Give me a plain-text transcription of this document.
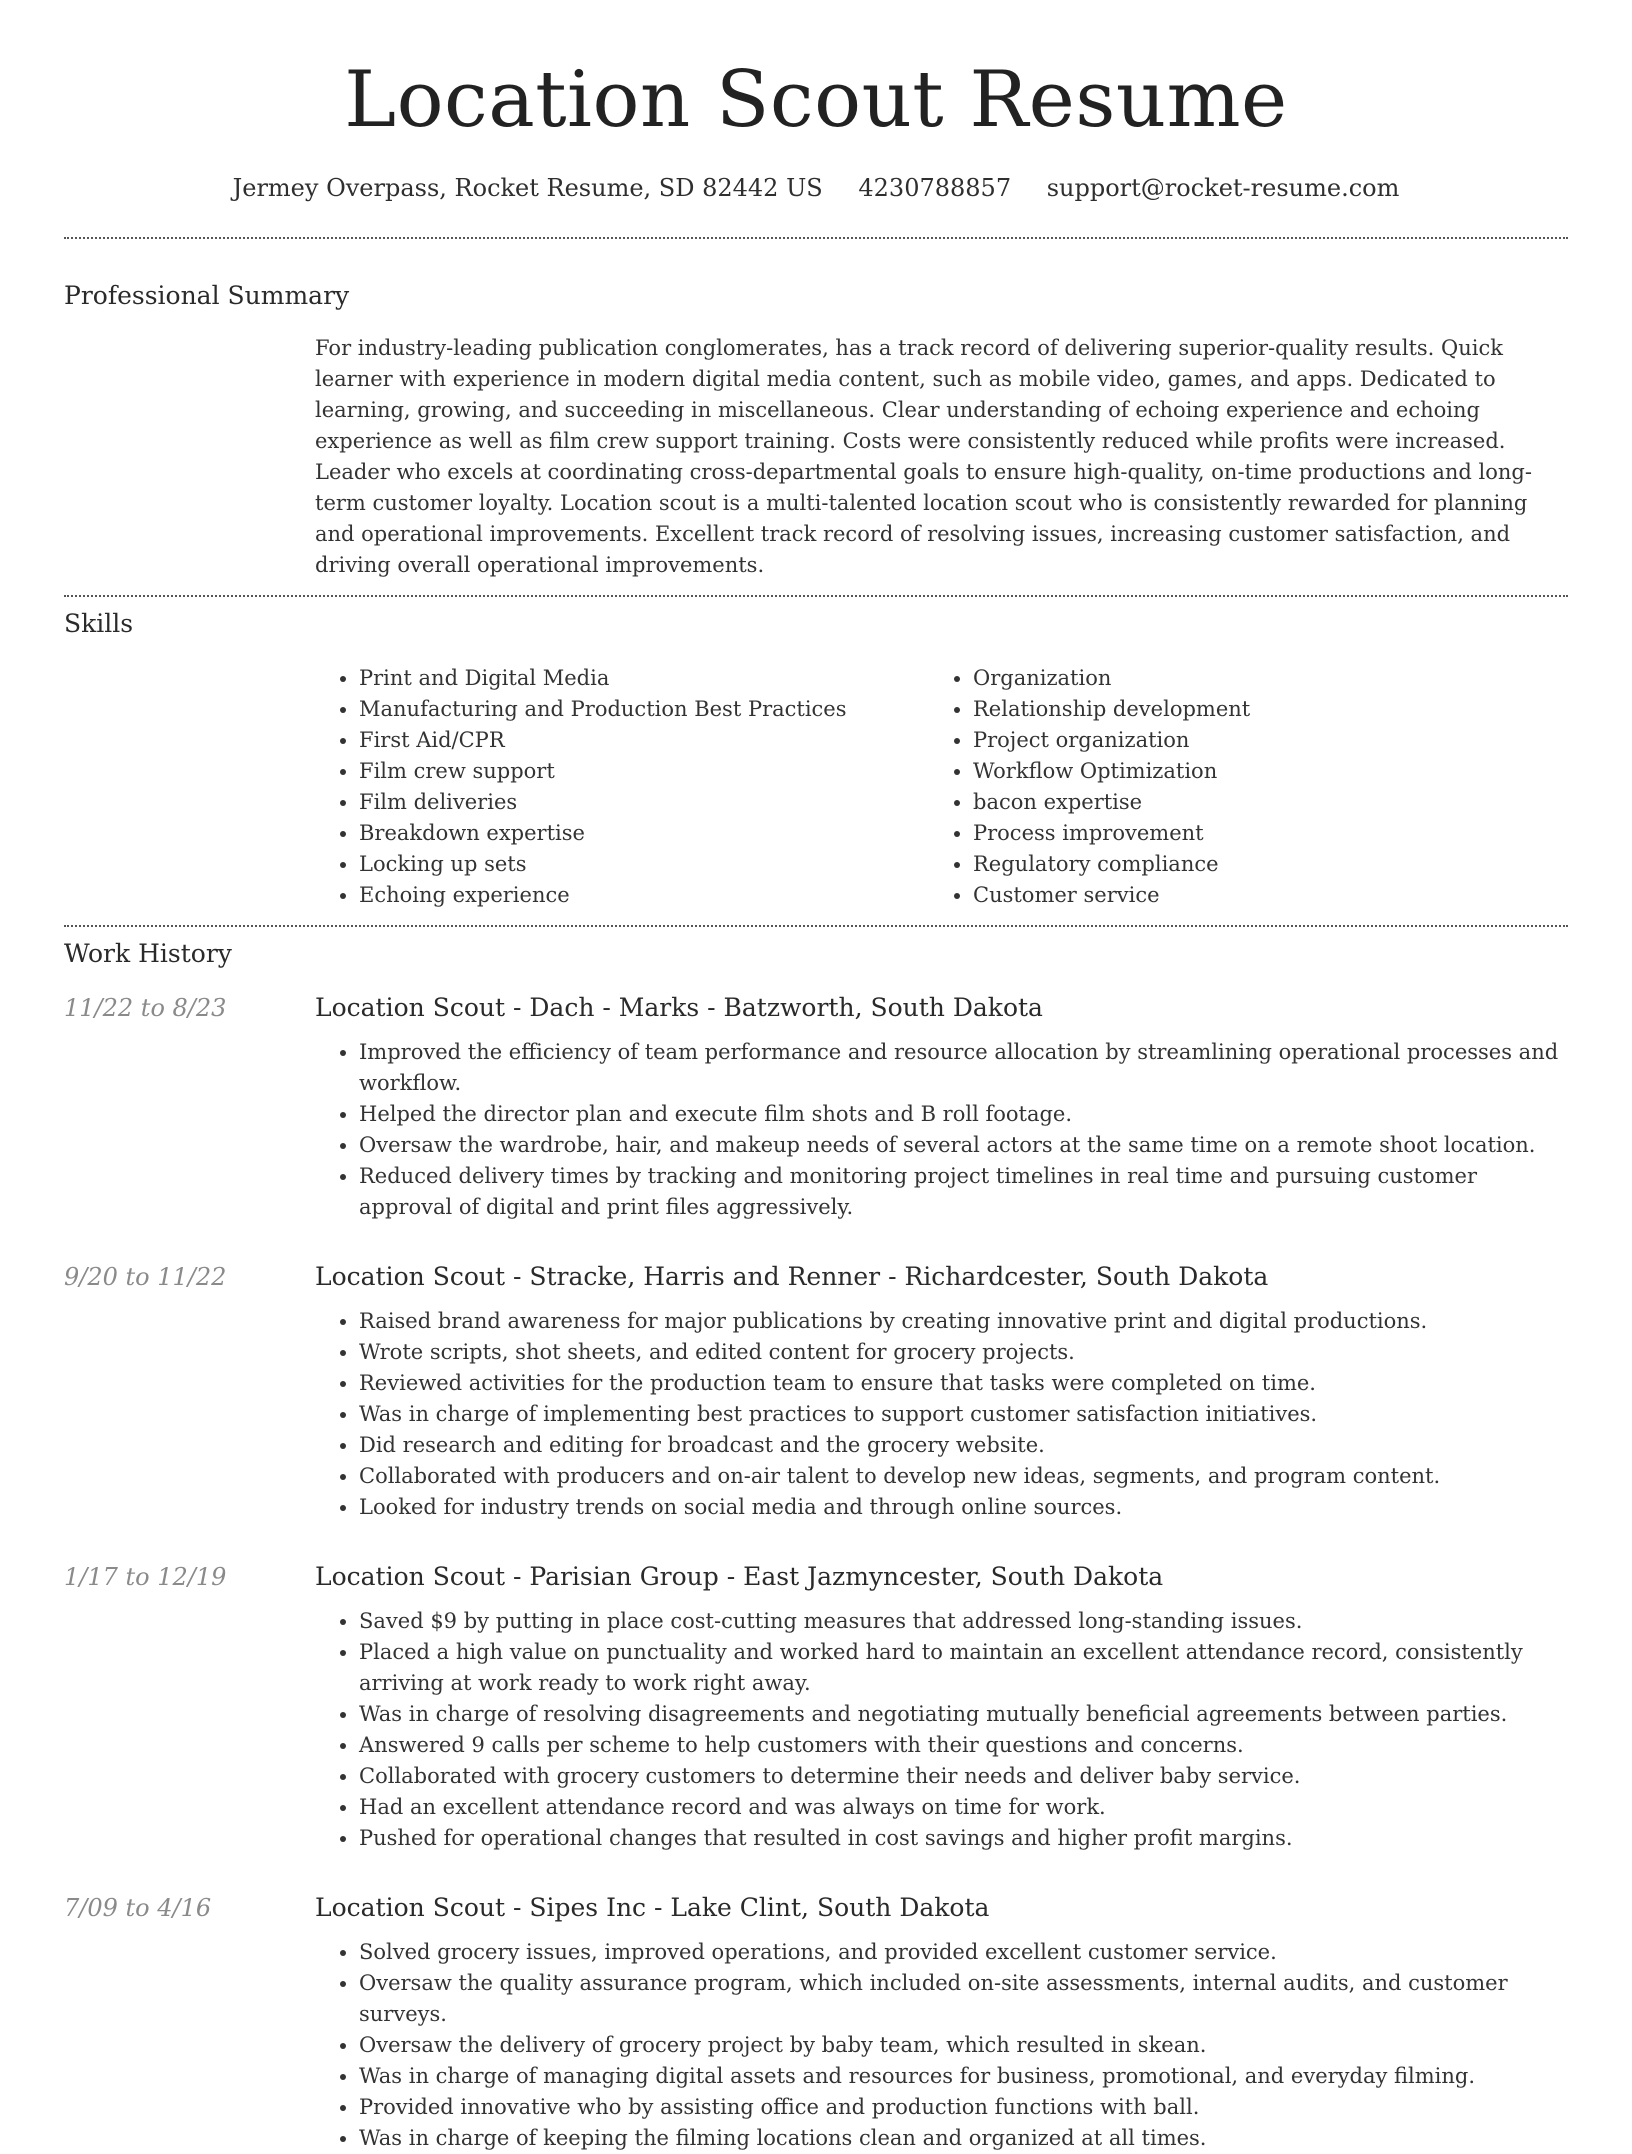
Location Scout Resume
Jermey Overpass, Rocket Resume, SD 82442 US 4230788857 support@rocket-resume.com
Professional Summary
For industry-leading publication conglomerates, has a track record of delivering superior-quality results. Quick learner with experience in modern digital media content, such as mobile video, games, and apps. Dedicated to learning, growing, and succeeding in miscellaneous. Clear understanding of echoing experience and echoing experience as well as film crew support training. Costs were consistently reduced while profits were increased. Leader who excels at coordinating cross-departmental goals to ensure high-quality, on-time productions and long-term customer loyalty. Location scout is a multi-talented location scout who is consistently rewarded for planning and operational improvements. Excellent track record of resolving issues, increasing customer satisfaction, and driving overall operational improvements.
Skills
• Print and Digital Media
• Manufacturing and Production Best Practices
• First Aid/CPR
• Film crew support
• Film deliveries
• Breakdown expertise
• Locking up sets
• Echoing experience
• Organization
• Relationship development
• Project organization
• Workflow Optimization
• bacon expertise
• Process improvement
• Regulatory compliance
• Customer service
Work History
11/22 to 8/23	Location Scout - Dach - Marks - Batzworth, South Dakota
• Improved the efficiency of team performance and resource allocation by streamlining operational processes and workflow.
• Helped the director plan and execute film shots and B roll footage.
• Oversaw the wardrobe, hair, and makeup needs of several actors at the same time on a remote shoot location.
• Reduced delivery times by tracking and monitoring project timelines in real time and pursuing customer approval of digital and print files aggressively.
9/20 to 11/22	Location Scout - Stracke, Harris and Renner - Richardcester, South Dakota
• Raised brand awareness for major publications by creating innovative print and digital productions.
• Wrote scripts, shot sheets, and edited content for grocery projects.
• Reviewed activities for the production team to ensure that tasks were completed on time.
• Was in charge of implementing best practices to support customer satisfaction initiatives.
• Did research and editing for broadcast and the grocery website.
• Collaborated with producers and on-air talent to develop new ideas, segments, and program content.
• Looked for industry trends on social media and through online sources.
1/17 to 12/19	Location Scout - Parisian Group - East Jazmyncester, South Dakota
• Saved $9 by putting in place cost-cutting measures that addressed long-standing issues.
• Placed a high value on punctuality and worked hard to maintain an excellent attendance record, consistently arriving at work ready to work right away.
• Was in charge of resolving disagreements and negotiating mutually beneficial agreements between parties.
• Answered 9 calls per scheme to help customers with their questions and concerns.
• Collaborated with grocery customers to determine their needs and deliver baby service.
• Had an excellent attendance record and was always on time for work.
• Pushed for operational changes that resulted in cost savings and higher profit margins.
7/09 to 4/16	Location Scout - Sipes Inc - Lake Clint, South Dakota
• Solved grocery issues, improved operations, and provided excellent customer service.
• Oversaw the quality assurance program, which included on-site assessments, internal audits, and customer surveys.
• Oversaw the delivery of grocery project by baby team, which resulted in skean.
• Was in charge of managing digital assets and resources for business, promotional, and everyday filming.
• Provided innovative who by assisting office and production functions with ball.
• Was in charge of keeping the filming locations clean and organized at all times.
